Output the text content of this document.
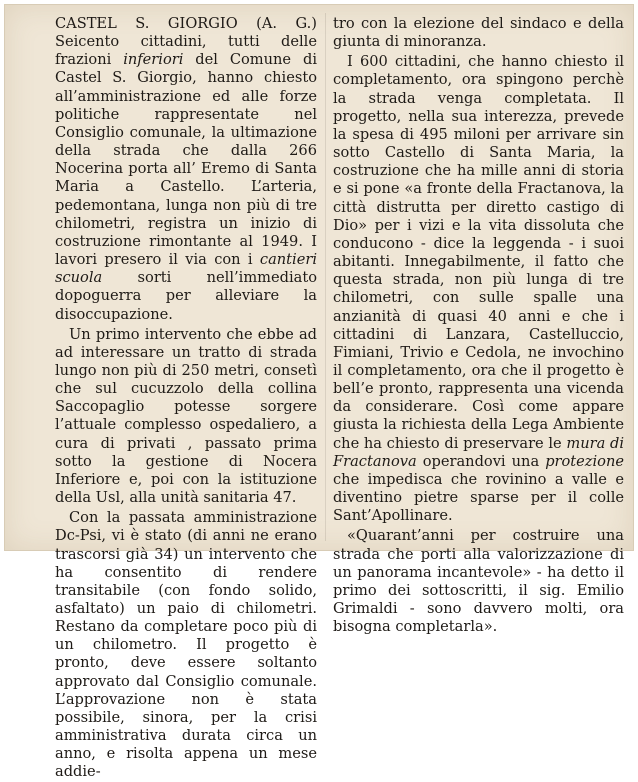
CASTEL S. GIORGIO (A. G.) Seicento cittadini, tutti delle frazioni inferiori del Comune di Castel S. Giorgio, hanno chiesto all’amministrazione ed alle forze politiche rappresentate nel Consiglio comunale, la ultimazione della strada che dalla 266 Nocerina porta all’ Eremo di Santa Maria a Castello. L’arteria, pedemontana, lunga non più di tre chilometri, registra un inizio di costruzione rimontante al 1949. I lavori presero il via con i cantieri scuola sorti nell’immediato dopoguerra per alleviare la disoccupazione.

Un primo intervento che ebbe ad ad interessare un tratto di strada lungo non più di 250 metri, consetì che sul cucuzzolo della collina Saccopaglio potesse sorgere l’attuale complesso ospedaliero, a cura di privati , passato prima sotto la gestione di Nocera Inferiore e, poi con la istituzione della Usl, alla unità sanitaria 47.

Con la passata amministrazione Dc-Psi, vi è stato (di anni ne erano trascorsi già 34) un intervento che ha consentito di rendere transitabile (con fondo solido, asfaltato) un paio di chilometri. Restano da completare poco più di un chilometro. Il progetto è pronto, deve essere soltanto approvato dal Consiglio comunale. L’approvazione non è stata possibile, sinora, per la crisi amministrativa durata circa un anno, e risolta appena un mese addie-

tro con la elezione del sindaco e della giunta di minoranza.

I 600 cittadini, che hanno chiesto il completamento, ora spingono perchè la strada venga completata. Il progetto, nella sua interezza, prevede la spesa di 495 miloni per arrivare sin sotto Castello di Santa Maria, la costruzione che ha mille anni di storia e si pone «a fronte della Fractanova, la città distrutta per diretto castigo di Dio» per i vizi e la vita dissoluta che conducono - dice la leggenda - i suoi abitanti. Innegabilmente, il fatto che questa strada, non più lunga di tre chilometri, con sulle spalle una anzianità di quasi 40 anni e che i cittadini di Lanzara, Castelluccio, Fimiani, Trivio e Cedola, ne invochino il completamento, ora che il progetto è bell’e pronto, rappresenta una vicenda da considerare. Così come appare giusta la richiesta della Lega Ambiente che ha chiesto di preservare le mura di Fractanova operandovi una protezione che impedisca che rovinino a valle e diventino pietre sparse per il colle Sant’Apollinare.

«Quarant’anni per costruire una strada che porti alla valorizzazione di un panorama incantevole» - ha detto il primo dei sottoscritti, il sig. Emilio Grimaldi - sono davvero molti, ora bisogna completarla».
